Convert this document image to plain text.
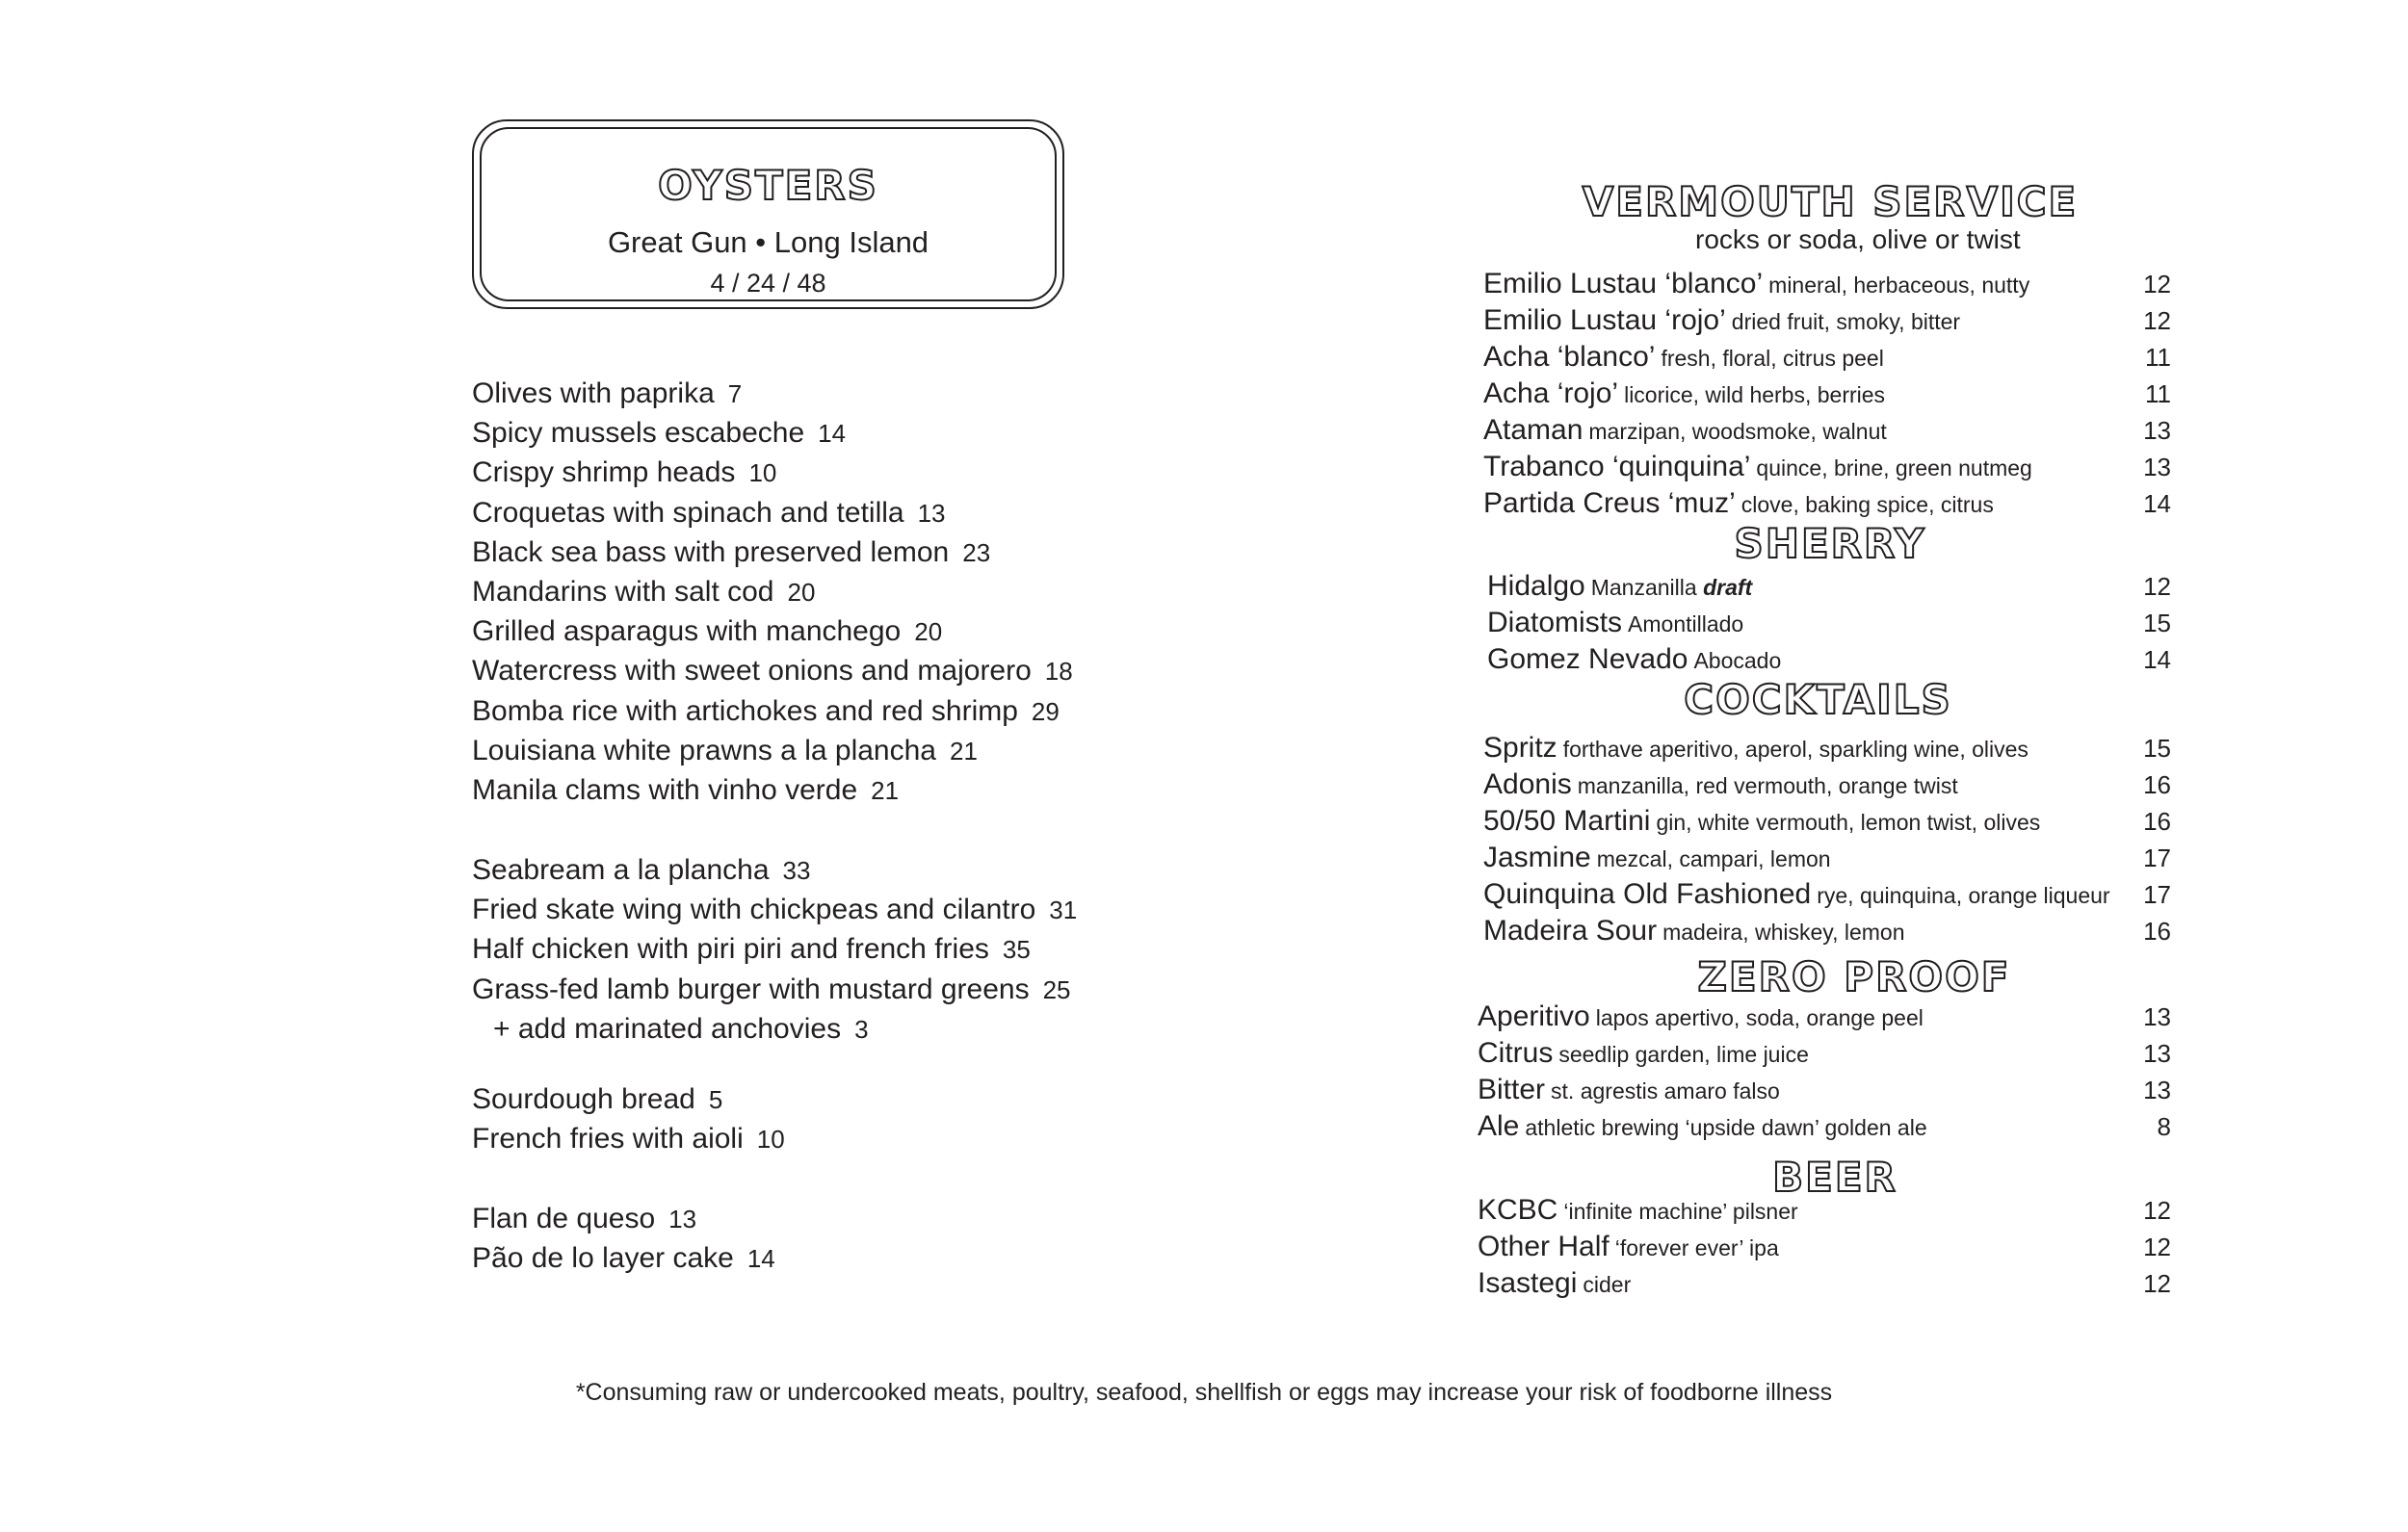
OYSTERS
Great Gun • Long Island
4 / 24 / 48
Olives with paprika 7
Spicy mussels escabeche 14
Crispy shrimp heads 10
Croquetas with spinach and tetilla 13
Black sea bass with preserved lemon 23
Mandarins with salt cod 20
Grilled asparagus with manchego 20
Watercress with sweet onions and majorero 18
Bomba rice with artichokes and red shrimp 29
Louisiana white prawns a la plancha 21
Manila clams with vinho verde 21
Seabream a la plancha 33
Fried skate wing with chickpeas and cilantro 31
Half chicken with piri piri and french fries 35
Grass-fed lamb burger with mustard greens 25
+ add marinated anchovies 3
Sourdough bread 5
French fries with aioli 10
Flan de queso 13
Pão de lo layer cake 14
VERMOUTH SERVICE
rocks or soda, olive or twist
Emilio Lustau ‘blanco’ mineral, herbaceous, nutty	12
Emilio Lustau ‘rojo’ dried fruit, smoky, bitter	12
Acha ‘blanco’ fresh, floral, citrus peel	11
Acha ‘rojo’ licorice, wild herbs, berries	11
Ataman marzipan, woodsmoke, walnut	13
Trabanco ‘quinquina’ quince, brine, green nutmeg	13
Partida Creus ‘muz’ clove, baking spice, citrus	14
SHERRY
Hidalgo Manzanilla draft	12
Diatomists Amontillado	15
Gomez Nevado Abocado	14
COCKTAILS
Spritz forthave aperitivo, aperol, sparkling wine, olives	15
Adonis manzanilla, red vermouth, orange twist	16
50/50 Martini gin, white vermouth, lemon twist, olives	16
Jasmine mezcal, campari, lemon	17
Quinquina Old Fashioned rye, quinquina, orange liqueur 17
Madeira Sour madeira, whiskey, lemon	16
ZERO PROOF
Aperitivo lapos apertivo, soda, orange peel	13
Citrus seedlip garden, lime juice	13
Bitter st. agrestis amaro falso	13
Ale athletic brewing ‘upside dawn’ golden ale	8
BEER
KCBC ‘infinite machine’ pilsner	12
Other Half ‘forever ever’ ipa	12
Isastegi cider	12
*Consuming raw or undercooked meats, poultry, seafood, shellfish or eggs may increase your risk of foodborne illness
